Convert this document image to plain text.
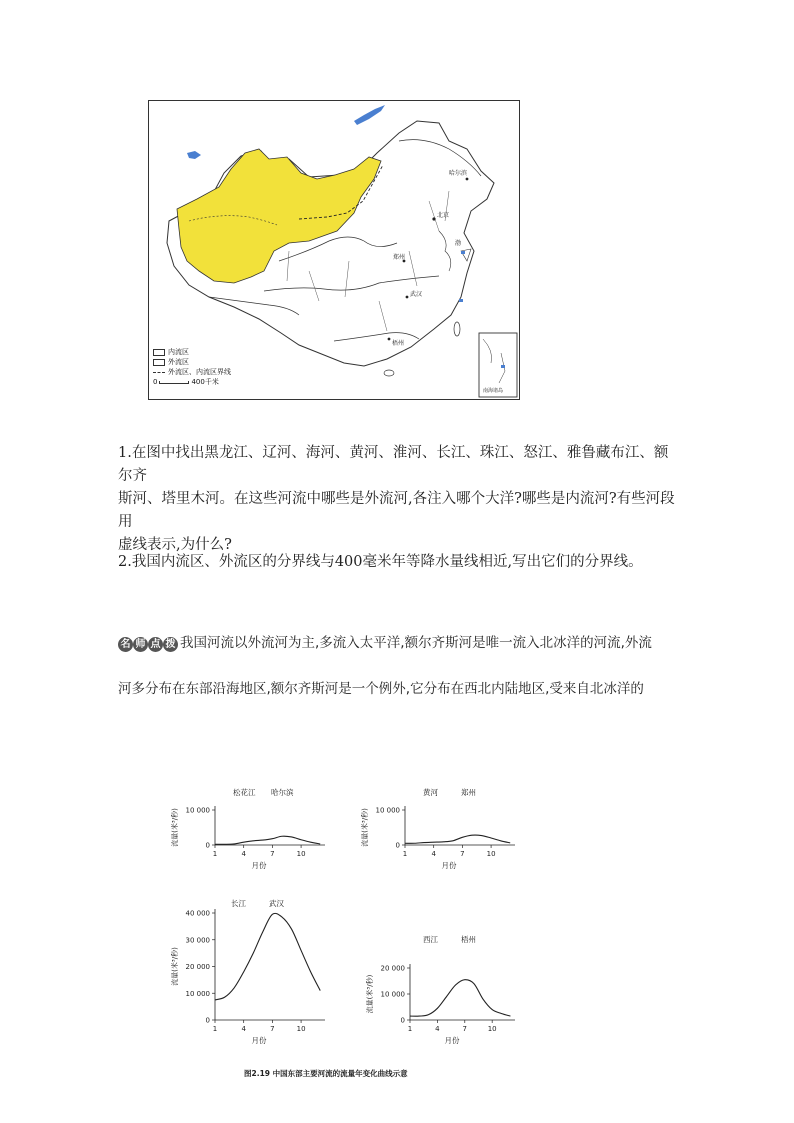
北京
郑州
武汉
哈尔滨
梧州
渤
南海诸岛
内流区
外流区
外流区、内流区界线
0	400千米
1.在图中找出黑龙江、辽河、海河、黄河、淮河、长江、珠江、怒江、雅鲁藏布江、额尔齐
斯河、塔里木河。在这些河流中哪些是外流河,各注入哪个大洋?哪些是内流河?有些河段用
虚线表示,为什么?
2.我国内流区、外流区的分界线与400毫米年等降水量线相近,写出它们的分界线。
名 师 点 拨 我国河流以外流河为主,多流入太平洋,额尔齐斯河是唯一流入北冰洋的河流,外流
河多分布在东部沿海地区,额尔齐斯河是一个例外,它分布在西北内陆地区,受来自北冰洋的
0
10 000
1	4	7	10
松花江 哈尔滨
月份
流量(米³/秒)	0
10 000
1	4	7	10
黄河	郑州
月份
流量(米³/秒)
0
10 000
20 000
30 000
40 000
1	4	7	10
长江	武汉
月份
流量(米³/秒)
0
10 000
20 000
1	4	7	10
西江	梧州
月份
流量(米³/秒)
图2.19 中国东部主要河流的流量年变化曲线示意
